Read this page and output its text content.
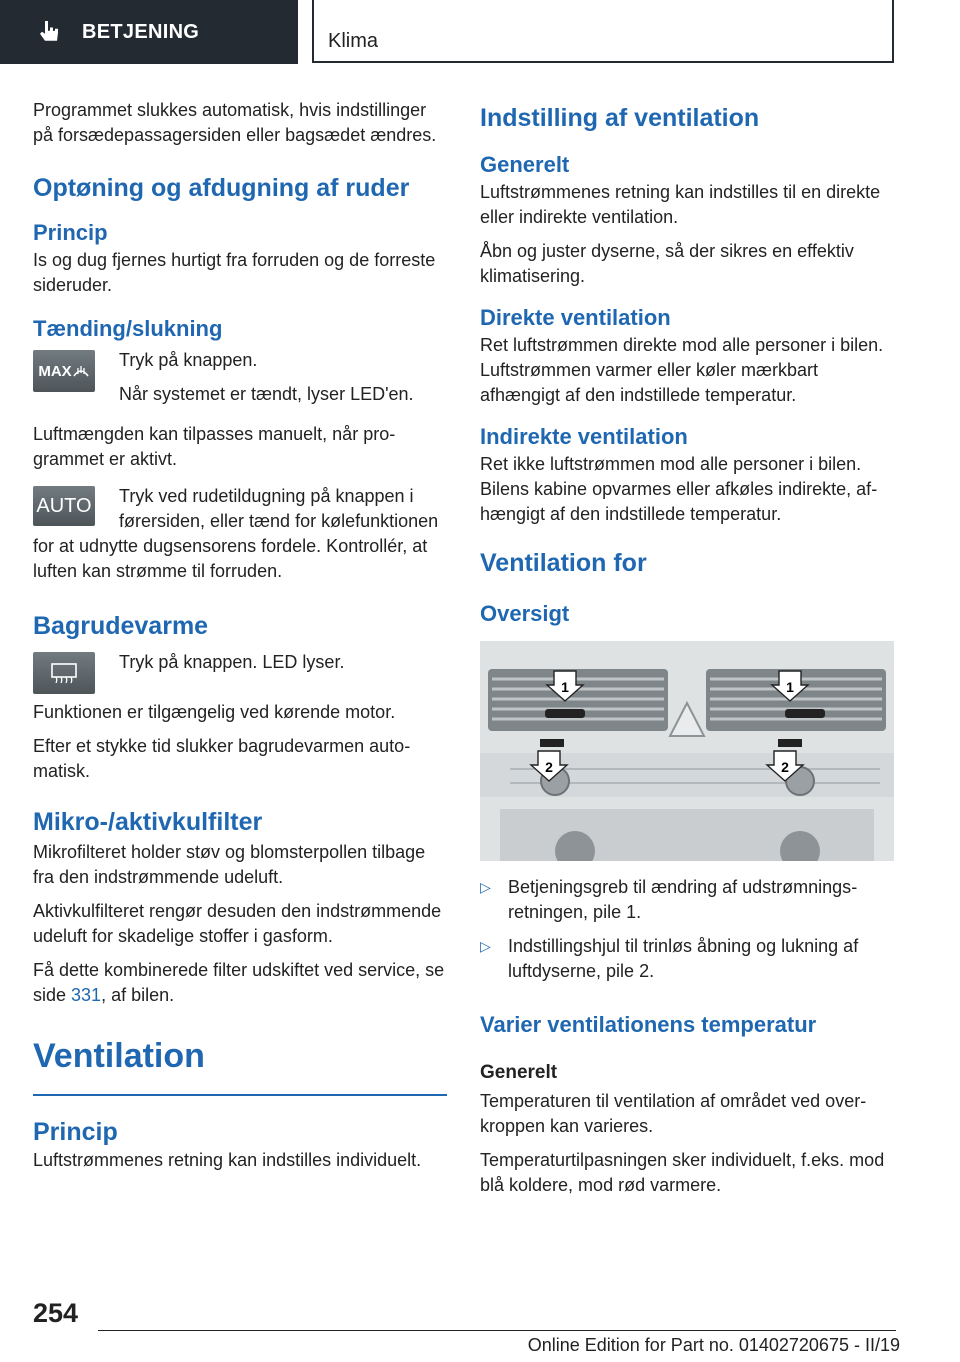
BETJENING	Klima

Programmet slukkes automatisk, hvis indstillinger på forsædepassagersiden eller bagsædet ændres.

Optøning og afdugning af ruder
Princip

Is og dug fjernes hurtigt fra forruden og de forreste sideruder.

Tænding/slukning
MAX

Tryk på knappen.

Når systemet er tændt, lyser LED'en.

Luftmængden kan tilpasses manuelt, når programmet er aktivt.

AUTO	Tryk ved rudetildugning på knappen i førersiden, eller tænd for kølefunktionen for at udnytte dugsensorens fordele. Kontrollér, at luften kan strømme til forruden.

Bagrudevarme

Tryk på knappen. LED lyser.

Funktionen er tilgængelig ved kørende motor.

Efter et stykke tid slukker bagrudevarmen automatisk.

Mikro-/aktivkulfilter

Mikrofilteret holder støv og blomsterpollen tilbage fra den indstrømmende udeluft.

Aktivkulfilteret rengør desuden den indstrømmende udeluft for skadelige stoffer i gasform.

Få dette kombinerede filter udskiftet ved service, se side 331, af bilen.

Ventilation
Princip

Luftstrømmenes retning kan indstilles individuelt.

Indstilling af ventilation
Generelt

Luftstrømmenes retning kan indstilles til en direkte eller indirekte ventilation.

Åbn og juster dyserne, så der sikres en effektiv klimatisering.

Direkte ventilation

Ret luftstrømmen direkte mod alle personer i bilen. Luftstrømmen varmer eller køler mærkbart afhængigt af den indstillede temperatur.

Indirekte ventilation

Ret ikke luftstrømmen mod alle personer i bilen. Bilens kabine opvarmes eller afkøles indirekte, afhængigt af den indstillede temperatur.

Ventilation for
Oversigt
1	1
2	2
▷ Betjeningsgreb til ændring af udstrømningsretningen, pile 1.
▷ Indstillingshjul til trinløs åbning og lukning af luftdyserne, pile 2.
Varier ventilationens temperatur
Generelt

Temperaturen til ventilation af området ved overkroppen kan varieres.

Temperaturtilpasningen sker individuelt, f.eks. mod blå koldere, mod rød varmere.

254
Online Edition for Part no. 01402720675 - II/19
